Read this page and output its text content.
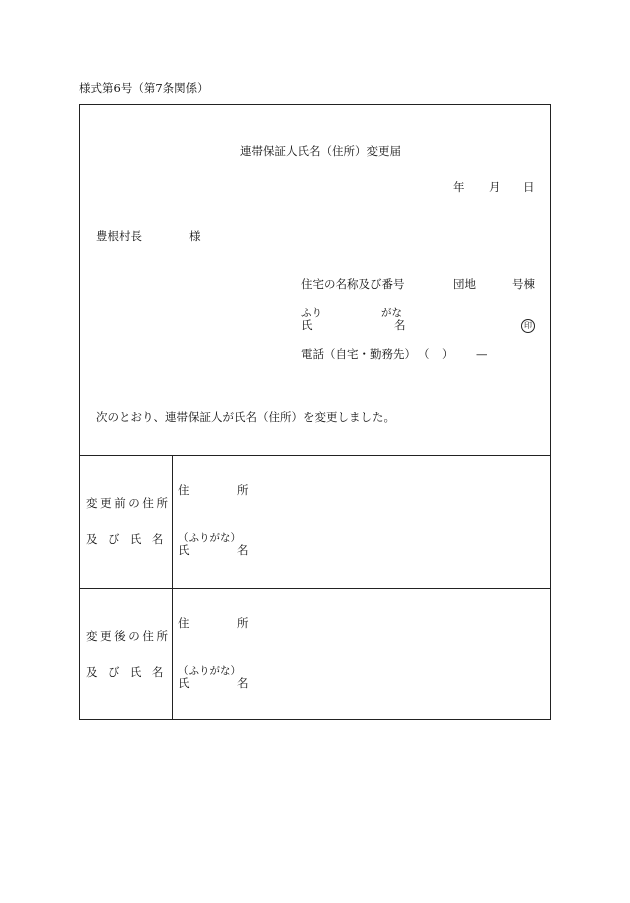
様式第6号（第7条関係）
連帯保証人氏名（住所）変更届
年 月 日
豊根村長	様
住宅の名称及び番号	団地	号棟
ふり	がな
氏	名	印
電話（自宅・勤務先） （ ） —
次のとおり、連帯保証人が氏名（住所）を変更しました。
変更前の住所
及 び 氏 名
住	所
（ふりがな）
氏	名
変更後の住所
及 び 氏 名
住	所
（ふりがな）
氏	名
